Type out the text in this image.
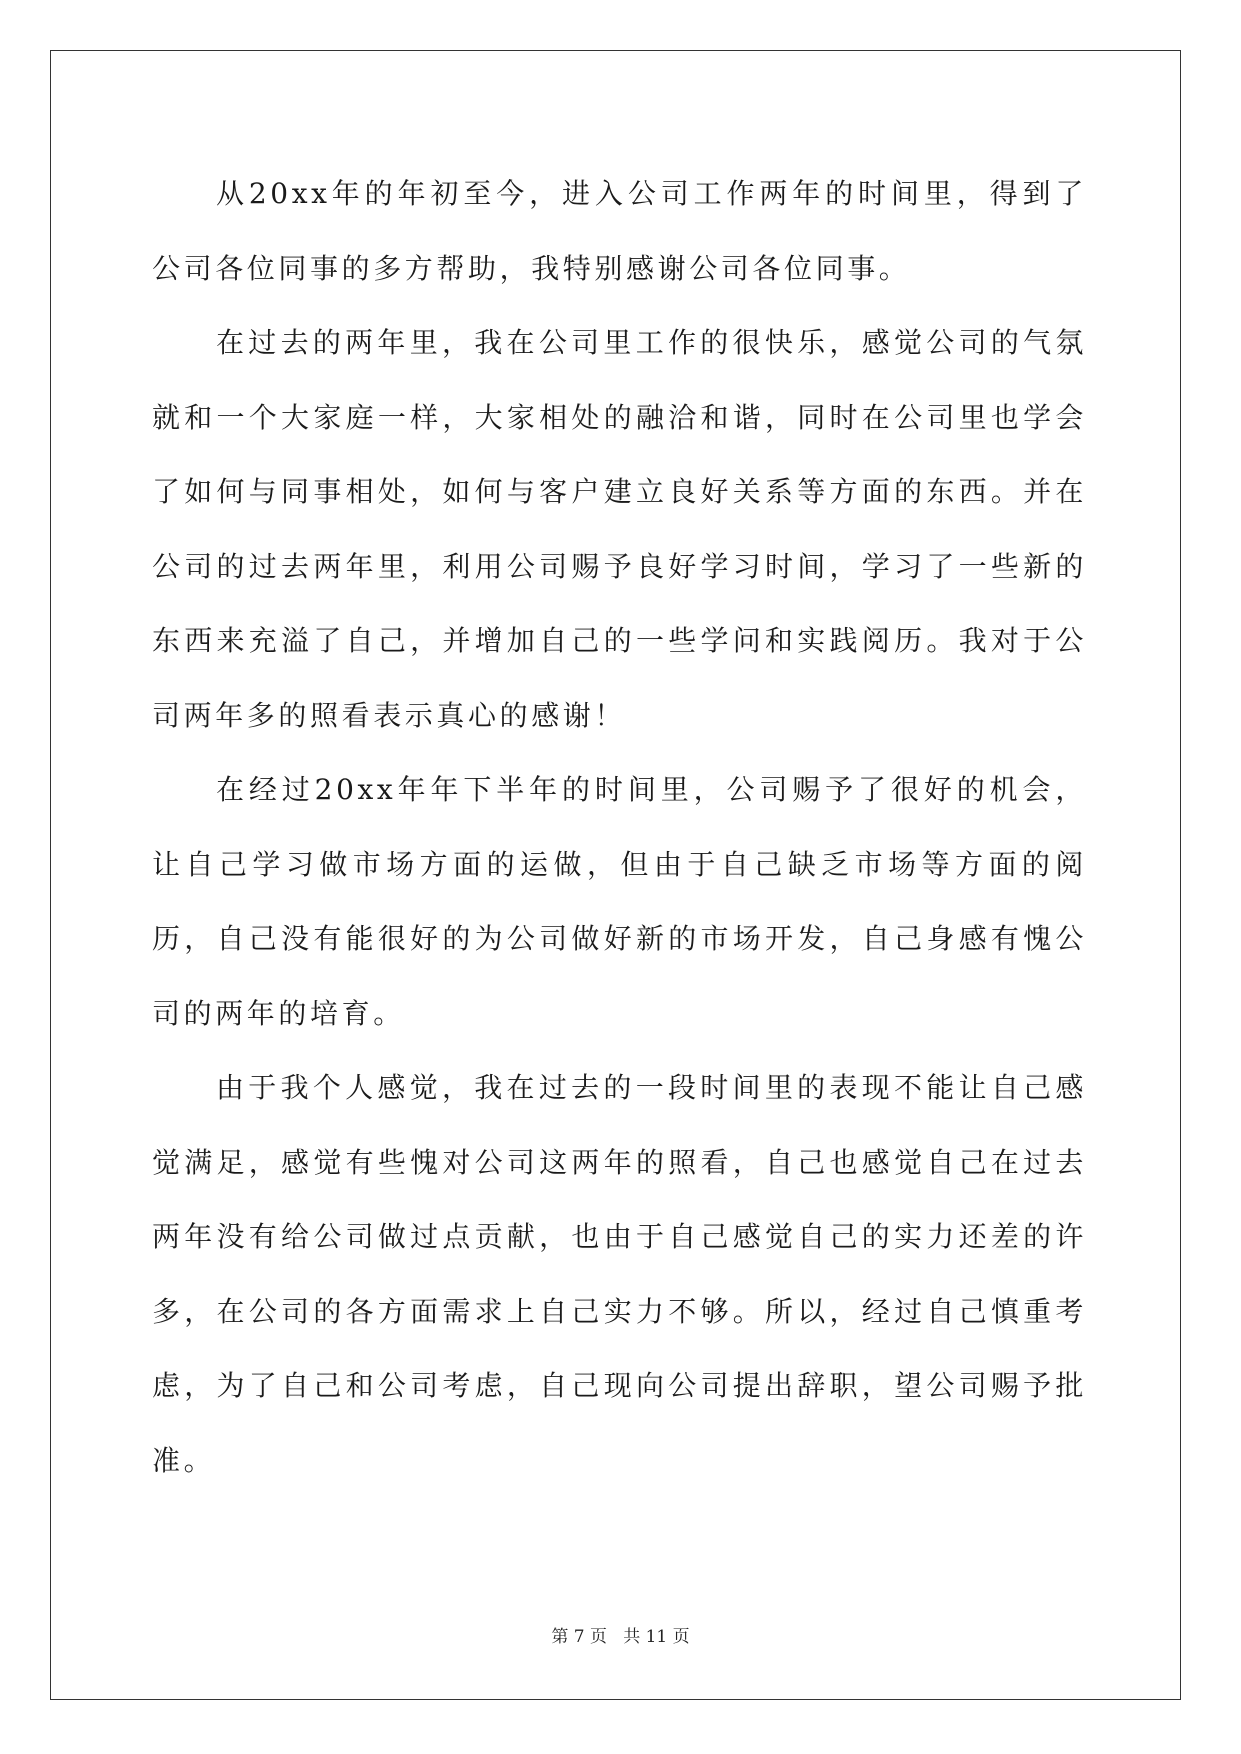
从20xx年的年初至今，进入公司工作两年的时间里，得到了公司各位同事的多方帮助，我特别感谢公司各位同事。

在过去的两年里，我在公司里工作的很快乐，感觉公司的气氛就和一个大家庭一样，大家相处的融洽和谐，同时在公司里也学会了如何与同事相处，如何与客户建立良好关系等方面的东西。并在公司的过去两年里，利用公司赐予良好学习时间，学习了一些新的东西来充溢了自己，并增加自己的一些学问和实践阅历。我对于公司两年多的照看表示真心的感谢！

在经过20xx年年下半年的时间里，公司赐予了很好的机会，让自己学习做市场方面的运做，但由于自己缺乏市场等方面的阅历，自己没有能很好的为公司做好新的市场开发，自己身感有愧公司的两年的培育。

由于我个人感觉，我在过去的一段时间里的表现不能让自己感觉满足，感觉有些愧对公司这两年的照看，自己也感觉自己在过去两年没有给公司做过点贡献，也由于自己感觉自己的实力还差的许多，在公司的各方面需求上自己实力不够。所以，经过自己慎重考虑，为了自己和公司考虑，自己现向公司提出辞职，望公司赐予批准。

第 7 页   共 11 页
